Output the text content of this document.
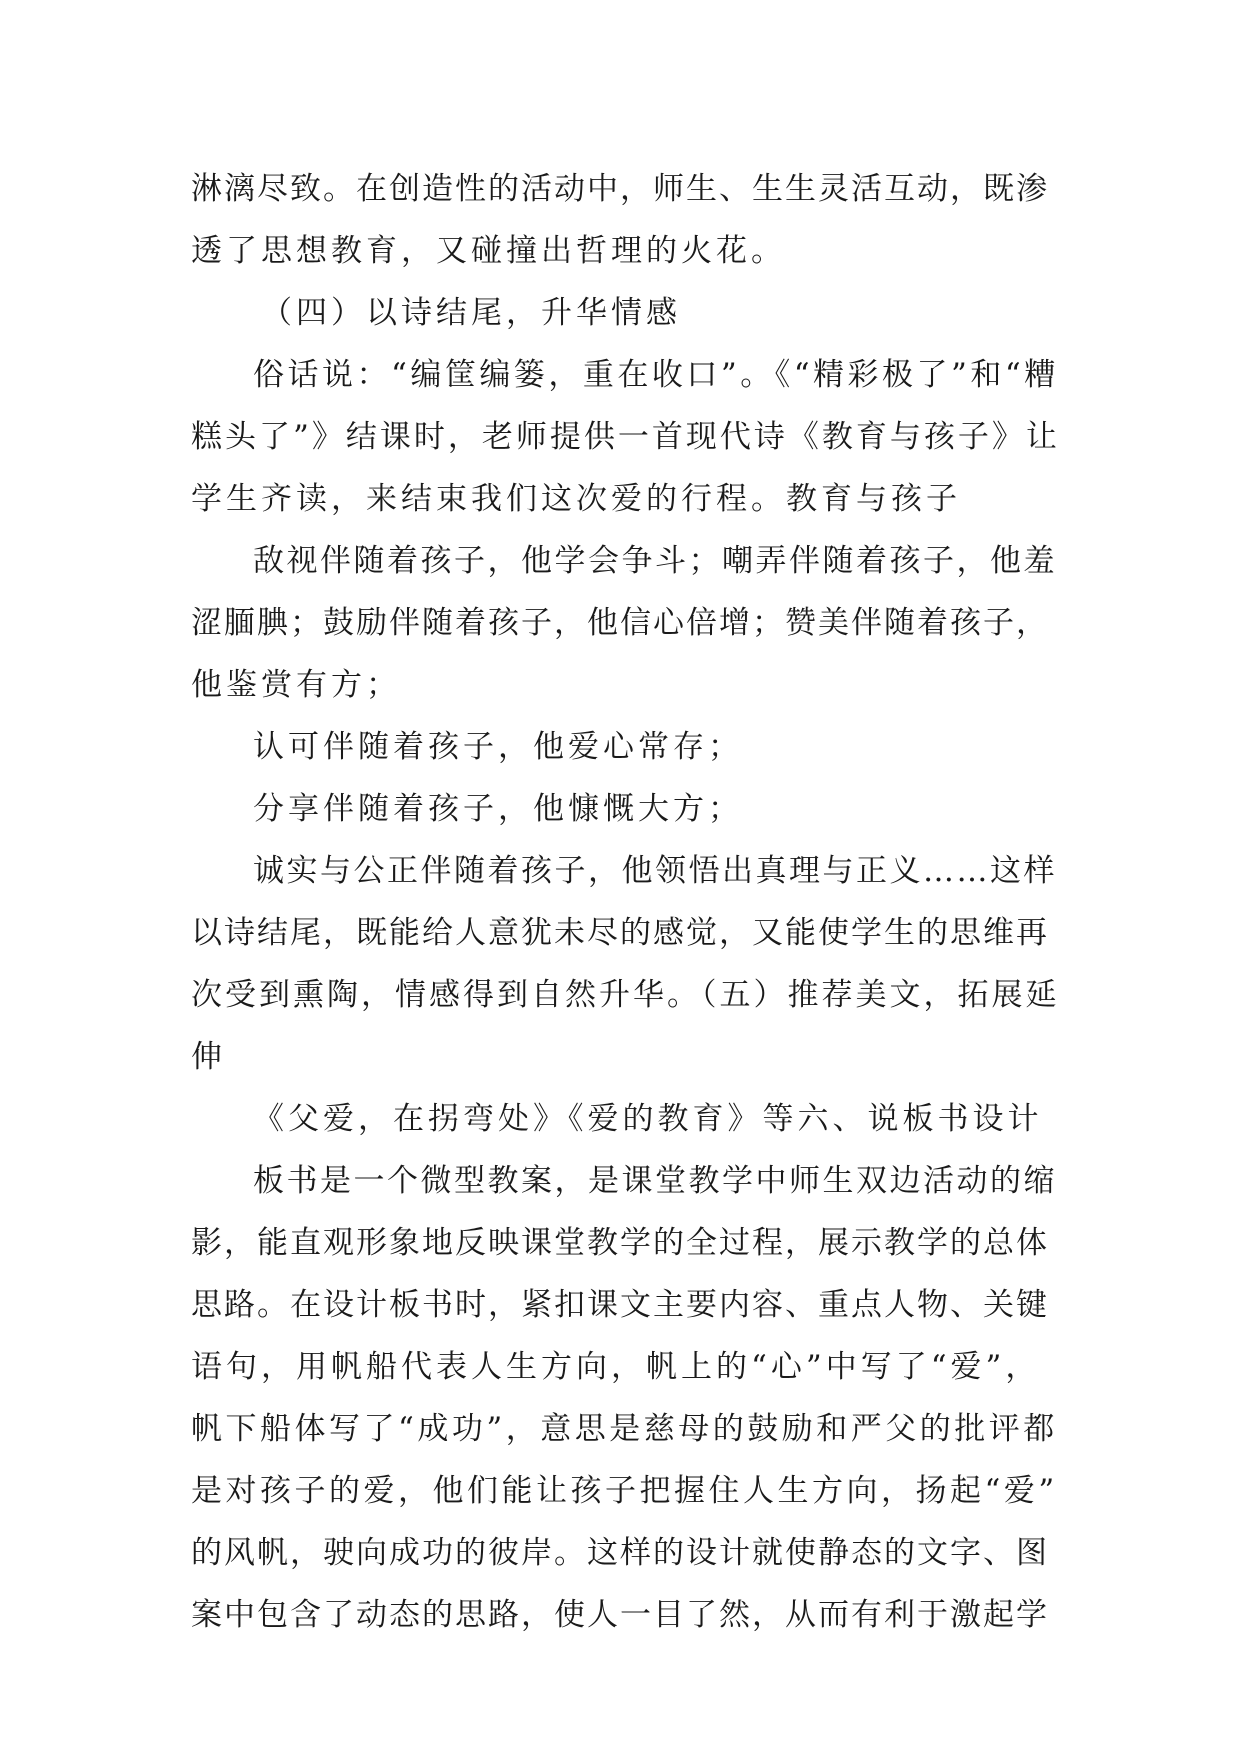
淋漓尽致。在创造性的活动中，师生、生生灵活互动，既渗
透了思想教育，又碰撞出哲理的火花。
（四）以诗结尾，升华情感
俗话说：“编筐编篓，重在收口”。《“精彩极了”和“糟
糕头了”》结课时，老师提供一首现代诗《教育与孩子》让
学生齐读，来结束我们这次爱的行程。教育与孩子
敌视伴随着孩子，他学会争斗；嘲弄伴随着孩子，他羞
涩腼腆；鼓励伴随着孩子，他信心倍增；赞美伴随着孩子，
他鉴赏有方；
认可伴随着孩子，他爱心常存；
分享伴随着孩子，他慷慨大方；
诚实与公正伴随着孩子，他领悟出真理与正义……这样
以诗结尾，既能给人意犹未尽的感觉，又能使学生的思维再
次受到熏陶，情感得到自然升华。（五）推荐美文，拓展延
伸
《父爱，在拐弯处》《爱的教育》等六、说板书设计
板书是一个微型教案，是课堂教学中师生双边活动的缩
影，能直观形象地反映课堂教学的全过程，展示教学的总体
思路。在设计板书时，紧扣课文主要内容、重点人物、关键
语句，用帆船代表人生方向，帆上的“心”中写了“爱”，
帆下船体写了“成功”，意思是慈母的鼓励和严父的批评都
是对孩子的爱，他们能让孩子把握住人生方向，扬起“爱”
的风帆，驶向成功的彼岸。这样的设计就使静态的文字、图
案中包含了动态的思路，使人一目了然，从而有利于激起学
